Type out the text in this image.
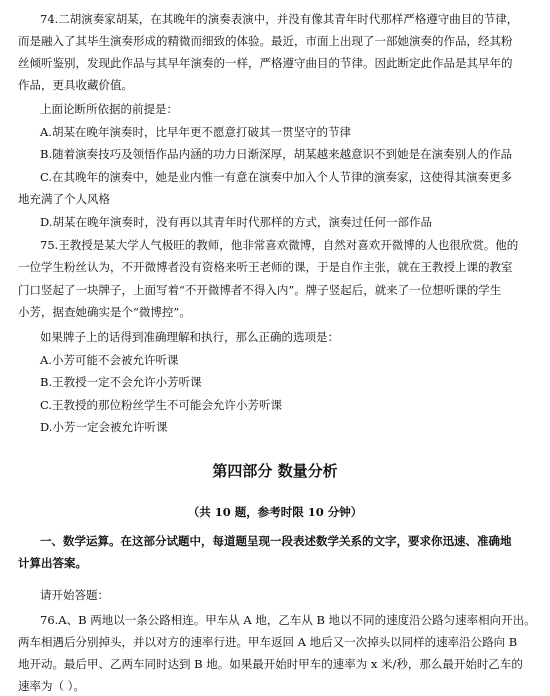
74.二胡演奏家胡某，在其晚年的演奏表演中，并没有像其青年时代那样严格遵守曲目的节律，
而是融入了其毕生演奏形成的精微而细致的体验。最近，市面上出现了一部她演奏的作品，经其粉
丝倾听鉴别，发现此作品与其早年演奏的一样，严格遵守曲目的节律。因此断定此作品是其早年的
作品，更具收藏价值。
上面论断所依据的前提是：
A.胡某在晚年演奏时，比早年更不愿意打破其一贯坚守的节律
B.随着演奏技巧及领悟作品内涵的功力日渐深厚，胡某越来越意识不到她是在演奏别人的作品
C.在其晚年的演奏中，她是业内惟一有意在演奏中加入个人节律的演奏家，这使得其演奏更多
地充满了个人风格
D.胡某在晚年演奏时，没有再以其青年时代那样的方式，演奏过任何一部作品
75.王教授是某大学人气极旺的教师，他非常喜欢微博，自然对喜欢开微博的人也很欣赏。他的
一位学生粉丝认为，不开微博者没有资格来听王老师的课，于是自作主张，就在王教授上课的教室
门口竖起了一块牌子，上面写着“不开微博者不得入内”。牌子竖起后，就来了一位想听课的学生
小芳，据查她确实是个“微博控”。
如果牌子上的话得到准确理解和执行，那么正确的选项是：
A.小芳可能不会被允许听课
B.王教授一定不会允许小芳听课
C.王教授的那位粉丝学生不可能会允许小芳听课
D.小芳一定会被允许听课
第四部分 数量分析
（共 10 题，参考时限 10 分钟）
一、数学运算。在这部分试题中，每道题呈现一段表述数学关系的文字，要求你迅速、准确地
计算出答案。
请开始答题：
76.A、B 两地以一条公路相连。甲车从 A 地，乙车从 B 地以不同的速度沿公路匀速率相向开出。
两车相遇后分别掉头，并以对方的速率行进。甲车返回 A 地后又一次掉头以同样的速率沿公路向 B
地开动。最后甲、乙两车同时达到 B 地。如果最开始时甲车的速率为 x 米/秒，那么最开始时乙车的
速率为（ ）。
